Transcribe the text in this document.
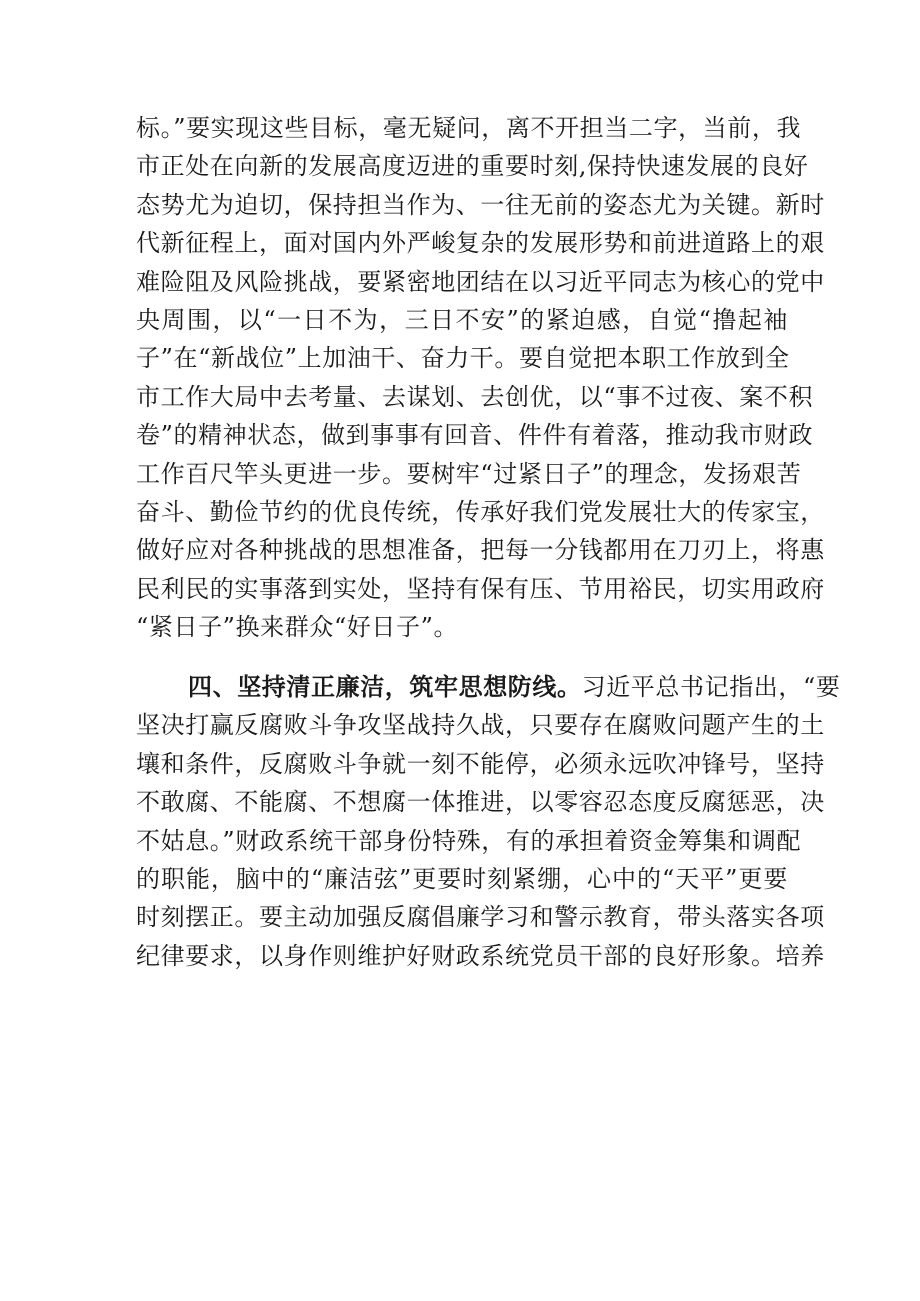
标。”要实现这些目标，毫无疑问，离不开担当二字，当前，我
市正处在向新的发展高度迈进的重要时刻,保持快速发展的良好
态势尤为迫切，保持担当作为、一往无前的姿态尤为关键。新时
代新征程上，面对国内外严峻复杂的发展形势和前进道路上的艰
难险阻及风险挑战，要紧密地团结在以习近平同志为核心的党中
央周围，以“一日不为，三日不安”的紧迫感，自觉“撸起袖
子”在“新战位”上加油干、奋力干。要自觉把本职工作放到全
市工作大局中去考量、去谋划、去创优，以“事不过夜、案不积
卷”的精神状态，做到事事有回音、件件有着落，推动我市财政
工作百尺竿头更进一步。要树牢“过紧日子”的理念，发扬艰苦
奋斗、勤俭节约的优良传统，传承好我们党发展壮大的传家宝，
做好应对各种挑战的思想准备，把每一分钱都用在刀刃上，将惠
民利民的实事落到实处，坚持有保有压、节用裕民，切实用政府
“紧日子”换来群众“好日子”。
四、坚持清正廉洁，筑牢思想防线。习近平总书记指出，“要
坚决打赢反腐败斗争攻坚战持久战，只要存在腐败问题产生的土
壤和条件，反腐败斗争就一刻不能停，必须永远吹冲锋号，坚持
不敢腐、不能腐、不想腐一体推进，以零容忍态度反腐惩恶，决
不姑息。”财政系统干部身份特殊，有的承担着资金筹集和调配
的职能，脑中的“廉洁弦”更要时刻紧绷，心中的“天平”更要
时刻摆正。要主动加强反腐倡廉学习和警示教育，带头落实各项
纪律要求，以身作则维护好财政系统党员干部的良好形象。培养
